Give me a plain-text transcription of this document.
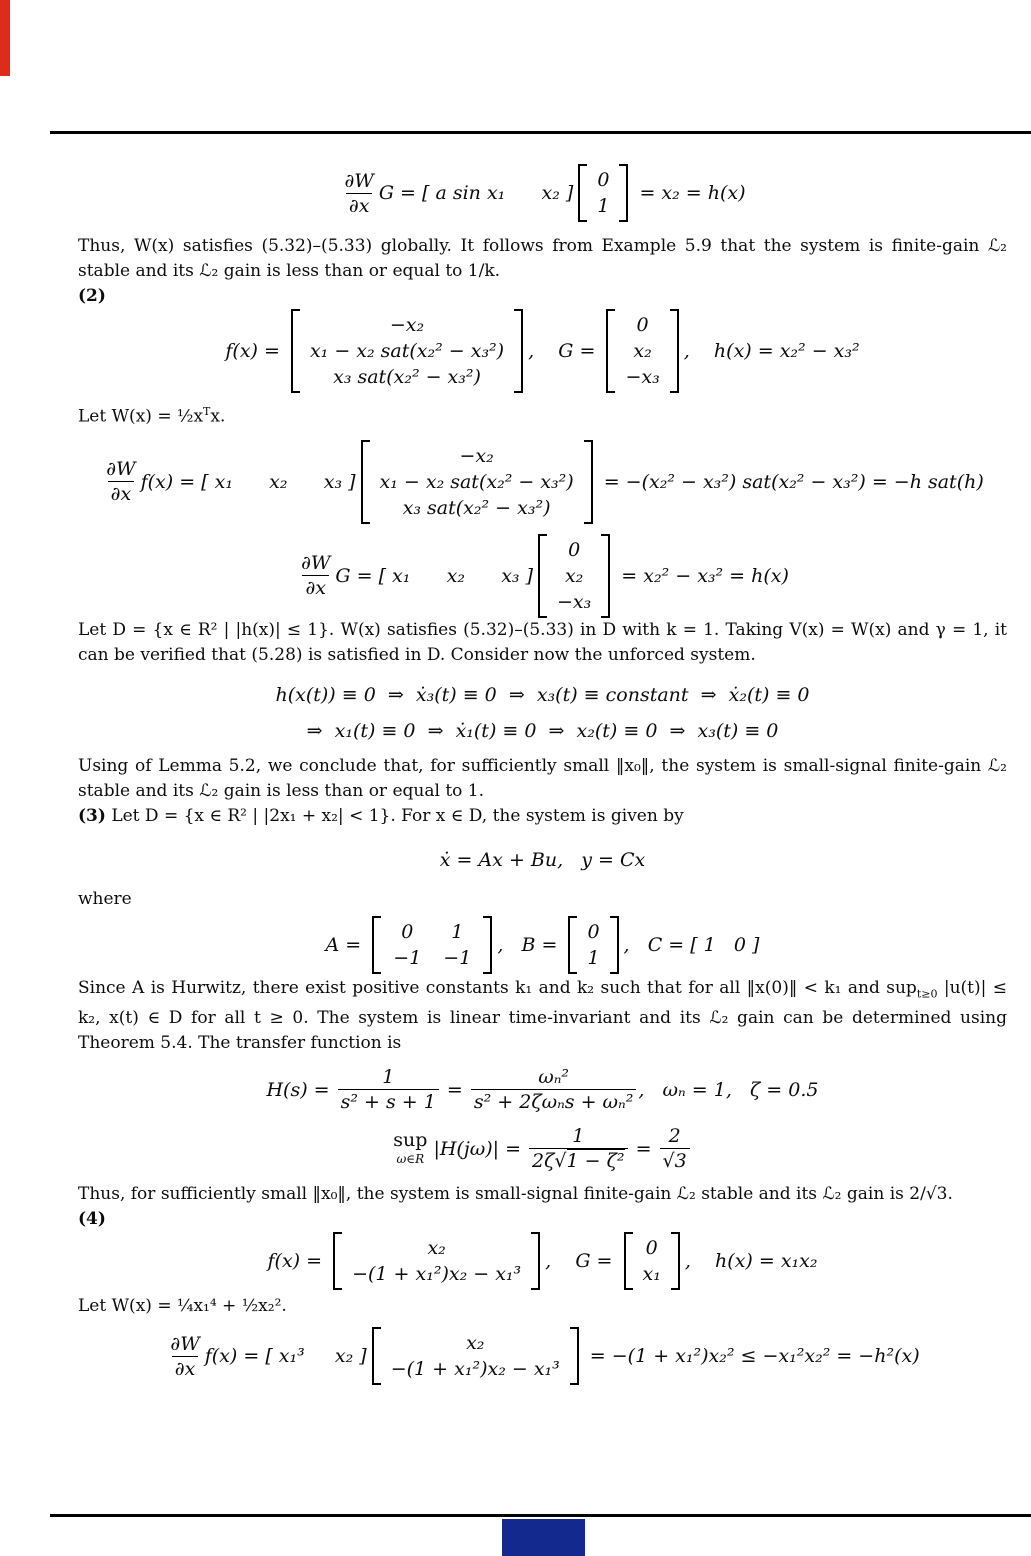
$\frac{\partial W}{\partial x}$ G = [ a sin x₁      x₂ ]
0
1
= x₂ = h(x)

Thus, W(x) satisfies (5.32)–(5.33) globally. It follows from Example 5.9 that the system is finite-gain ℒ₂ stable and its ℒ₂ gain is less than or equal to 1/k.

(2)
f(x) =
−x₂
x₁ − x₂ sat(x₂² − x₃²)
x₃ sat(x₂² − x₃²)
,    G =
0
x₂
−x₃
,    h(x) = x₂² − x₃²

Let $W(x) = \frac{1}{2}x^Tx$.

$\frac{\partial W}{\partial x} f(x)$ = [ x₁      x₂      x₃ ]
−x₂
x₁ − x₂ sat(x₂² − x₃²)
x₃ sat(x₂² − x₃²)
= −(x₂² − x₃²) sat(x₂² − x₃²) = −h sat(h)
$\frac{\partial W}{\partial x}$ G = [ x₁      x₂      x₃ ]
0
x₂
−x₃
= x₂² − x₃² = h(x)

Let D = {x ∈ R² | |h(x)| ≤ 1}. W(x) satisfies (5.32)–(5.33) in D with k = 1. Taking V(x) = W(x) and γ = 1, it can be verified that (5.28) is satisfied in D. Consider now the unforced system.

h(x(t)) ≡ 0  ⇒  ẋ₃(t) ≡ 0  ⇒  x₃(t) ≡ constant  ⇒  ẋ₂(t) ≡ 0
⇒  x₁(t) ≡ 0  ⇒  ẋ₁(t) ≡ 0  ⇒  x₂(t) ≡ 0  ⇒  x₃(t) ≡ 0

Using of Lemma 5.2, we conclude that, for sufficiently small ‖x₀‖, the system is small-signal finite-gain ℒ₂ stable and its ℒ₂ gain is less than or equal to 1.

(3) Let D = {x ∈ R² | |2x₁ + x₂| < 1}. For x ∈ D, the system is given by

ẋ = Ax + Bu,   y = Cx

where

A =
0 1
−1 −1
,   B =
0
1
,   C = [ 1   0 ]

Since A is Hurwitz, there exist positive constants k₁ and k₂ such that for all ‖x(0)‖ < k₁ and sup$_{t\ge 0}$ |u(t)| ≤ k₂, x(t) ∈ D for all t ≥ 0. The system is linear time-invariant and its ℒ₂ gain can be determined using Theorem 5.4. The transfer function is

$H(s) = \frac{1}{\text{s² + s + 1}} = \frac{\text{ωₙ²}}{\text{s² + 2ζωₙs + ωₙ²}}$ ,   ωₙ = 1,   ζ = 0.5
sup
ω∈R $|H(j\omega)| = \frac{1}{\text{2ζ√1 − ζ²}} = \frac{2}{√3}$

Thus, for sufficiently small ‖x₀‖, the system is small-signal finite-gain ℒ₂ stable and its ℒ₂ gain is 2/√3.

(4)
f(x) =
x₂
−(1 + x₁²)x₂ − x₁³
,    G =
0
x₁
,    h(x) = x₁x₂

Let W(x) = ¼x₁⁴ + ½x₂².

$\frac{\partial W}{\partial x} f(x)$ = [ x₁³     x₂ ]
x₂
−(1 + x₁²)x₂ − x₁³
= −(1 + x₁²)x₂² ≤ −x₁²x₂² = −h²(x)
